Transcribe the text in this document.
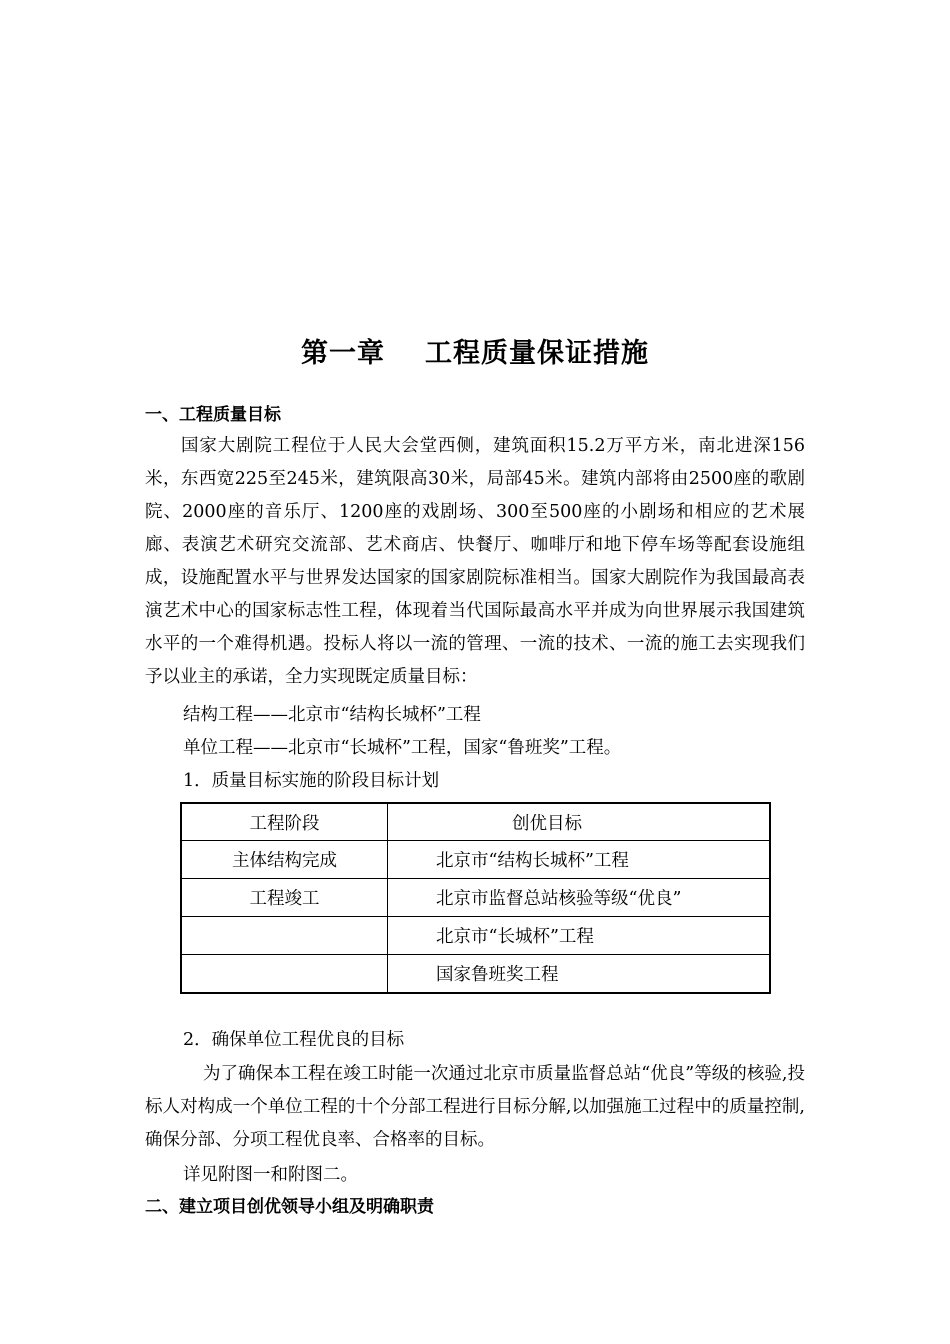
第一章 工程质量保证措施
一、工程质量目标
国家大剧院工程位于人民大会堂西侧，建筑面积15.2万平方米，南北进深156米，东西宽225至245米，建筑限高30米，局部45米。建筑内部将由2500座的歌剧院、2000座的音乐厅、1200座的戏剧场、300至500座的小剧场和相应的艺术展廊、表演艺术研究交流部、艺术商店、快餐厅、咖啡厅和地下停车场等配套设施组成，设施配置水平与世界发达国家的国家剧院标准相当。国家大剧院作为我国最高表演艺术中心的国家标志性工程，体现着当代国际最高水平并成为向世界展示我国建筑水平的一个难得机遇。投标人将以一流的管理、一流的技术、一流的施工去实现我们予以业主的承诺，全力实现既定质量目标：
结构工程——北京市“结构长城杯”工程
单位工程——北京市“长城杯”工程，国家“鲁班奖”工程。
1．质量目标实施的阶段目标计划
工程阶段	创优目标
主体结构完成	北京市“结构长城杯”工程
工程竣工	北京市监督总站核验等级“优良”
	北京市“长城杯”工程
	国家鲁班奖工程
2．确保单位工程优良的目标
为了确保本工程在竣工时能一次通过北京市质量监督总站“优良”等级的核验,投标人对构成一个单位工程的十个分部工程进行目标分解,以加强施工过程中的质量控制,确保分部、分项工程优良率、合格率的目标。
详见附图一和附图二。
二、建立项目创优领导小组及明确职责
